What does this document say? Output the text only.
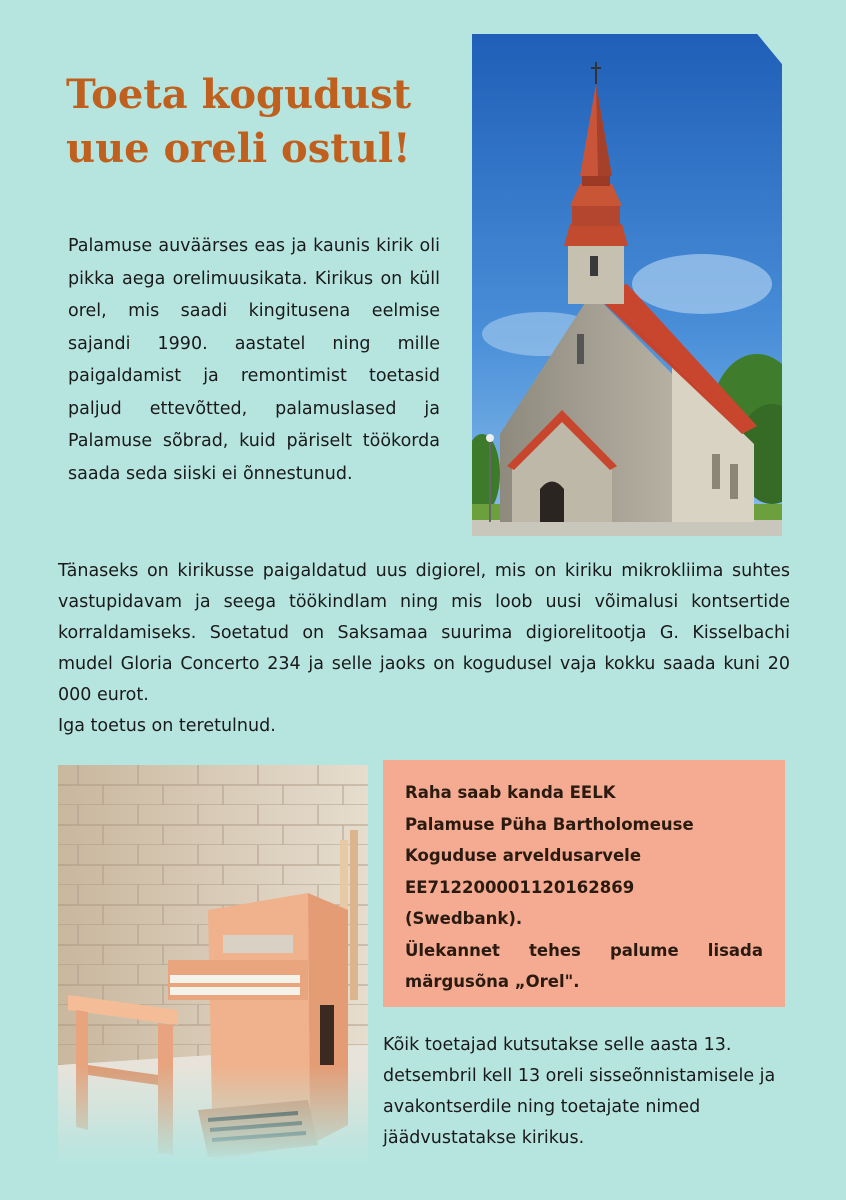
Toeta kogudust
uue oreli ostul!

Palamuse auväärses eas ja kaunis kirik oli pikka aega orelimuusikata. Kirikus on küll orel, mis saadi kingitusena eelmise sajandi 1990. aastatel ning mille paigaldamist ja remontimist toetasid paljud ettevõtted, palamuslased ja Palamuse sõbrad, kuid päriselt töökorda saada seda siiski ei õnnestunud.

Tänaseks on kirikusse paigaldatud uus digiorel, mis on kiriku mikrokliima suhtes vastupidavam ja seega töökindlam ning mis loob uusi võimalusi kontsertide korraldamiseks. Soetatud on Saksamaa suurima digiorelitootja G. Kisselbachi mudel Gloria Concerto 234 ja selle jaoks on kogudusel vaja kokku saada kuni 20 000 eurot.
Iga toetus on teretulnud.

Raha saab kanda EELK
Palamuse Püha Bartholomeuse
Koguduse arveldusarvele
EE712200001120162869
(Swedbank).
Ülekannet tehes palume lisada
märgusõna „Orel".

Kõik toetajad kutsutakse selle aasta 13. detsembril kell 13 oreli sisseõnnistamisele ja avakontserdile ning toetajate nimed jäädvustatakse kirikus.
